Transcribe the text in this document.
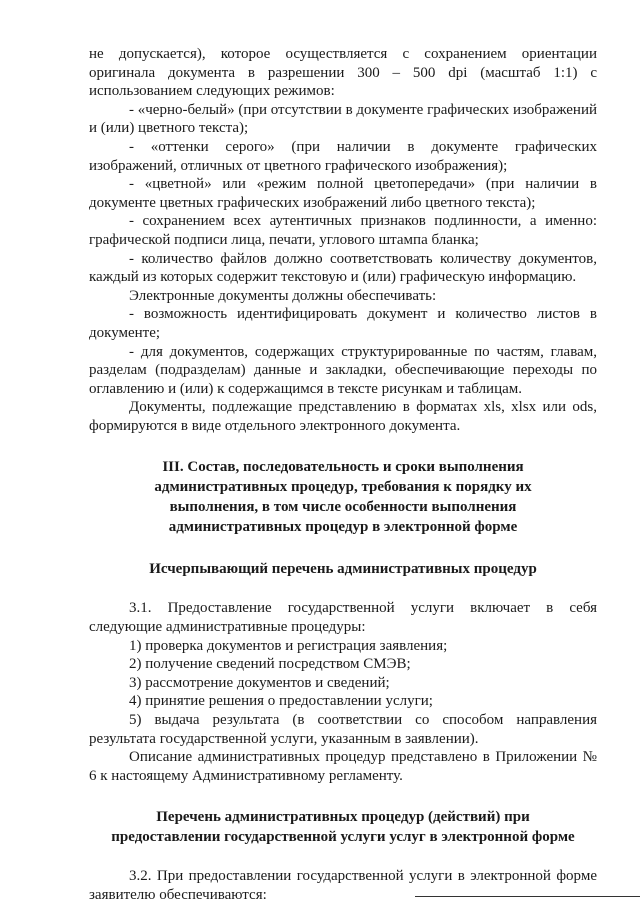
не допускается), которое осуществляется с сохранением ориентации оригинала документа в разрешении 300 – 500 dpi (масштаб 1:1) с использованием следующих режимов:

- «черно-белый» (при отсутствии в документе графических изображений и (или) цветного текста);

- «оттенки серого» (при наличии в документе графических изображений, отличных от цветного графического изображения);

- «цветной» или «режим полной цветопередачи» (при наличии в документе цветных графических изображений либо цветного текста);

- сохранением всех аутентичных признаков подлинности, а именно: графической подписи лица, печати, углового штампа бланка;

- количество файлов должно соответствовать количеству документов, каждый из которых содержит текстовую и (или) графическую информацию.

Электронные документы должны обеспечивать:

- возможность идентифицировать документ и количество листов в документе;

- для документов, содержащих структурированные по частям, главам, разделам (подразделам) данные и закладки, обеспечивающие переходы по оглавлению и (или) к содержащимся в тексте рисункам и таблицам.

Документы, подлежащие представлению в форматах xls, xlsx или ods, формируются в виде отдельного электронного документа.

III. Состав, последовательность и сроки выполнения административных процедур, требования к порядку их выполнения, в том числе особенности выполнения административных процедур в электронной форме

Исчерпывающий перечень административных процедур

3.1. Предоставление государственной услуги включает в себя следующие административные процедуры:

1) проверка документов и регистрация заявления;

2) получение сведений посредством СМЭВ;

3) рассмотрение документов и сведений;

4) принятие решения о предоставлении услуги;

5) выдача результата (в соответствии со способом направления результата государственной услуги, указанным в заявлении).

Описание административных процедур представлено в Приложении № 6 к настоящему Административному регламенту.

Перечень административных процедур (действий) при предоставлении государственной услуги услуг в электронной форме

3.2. При предоставлении государственной услуги в электронной форме заявителю обеспечиваются:
